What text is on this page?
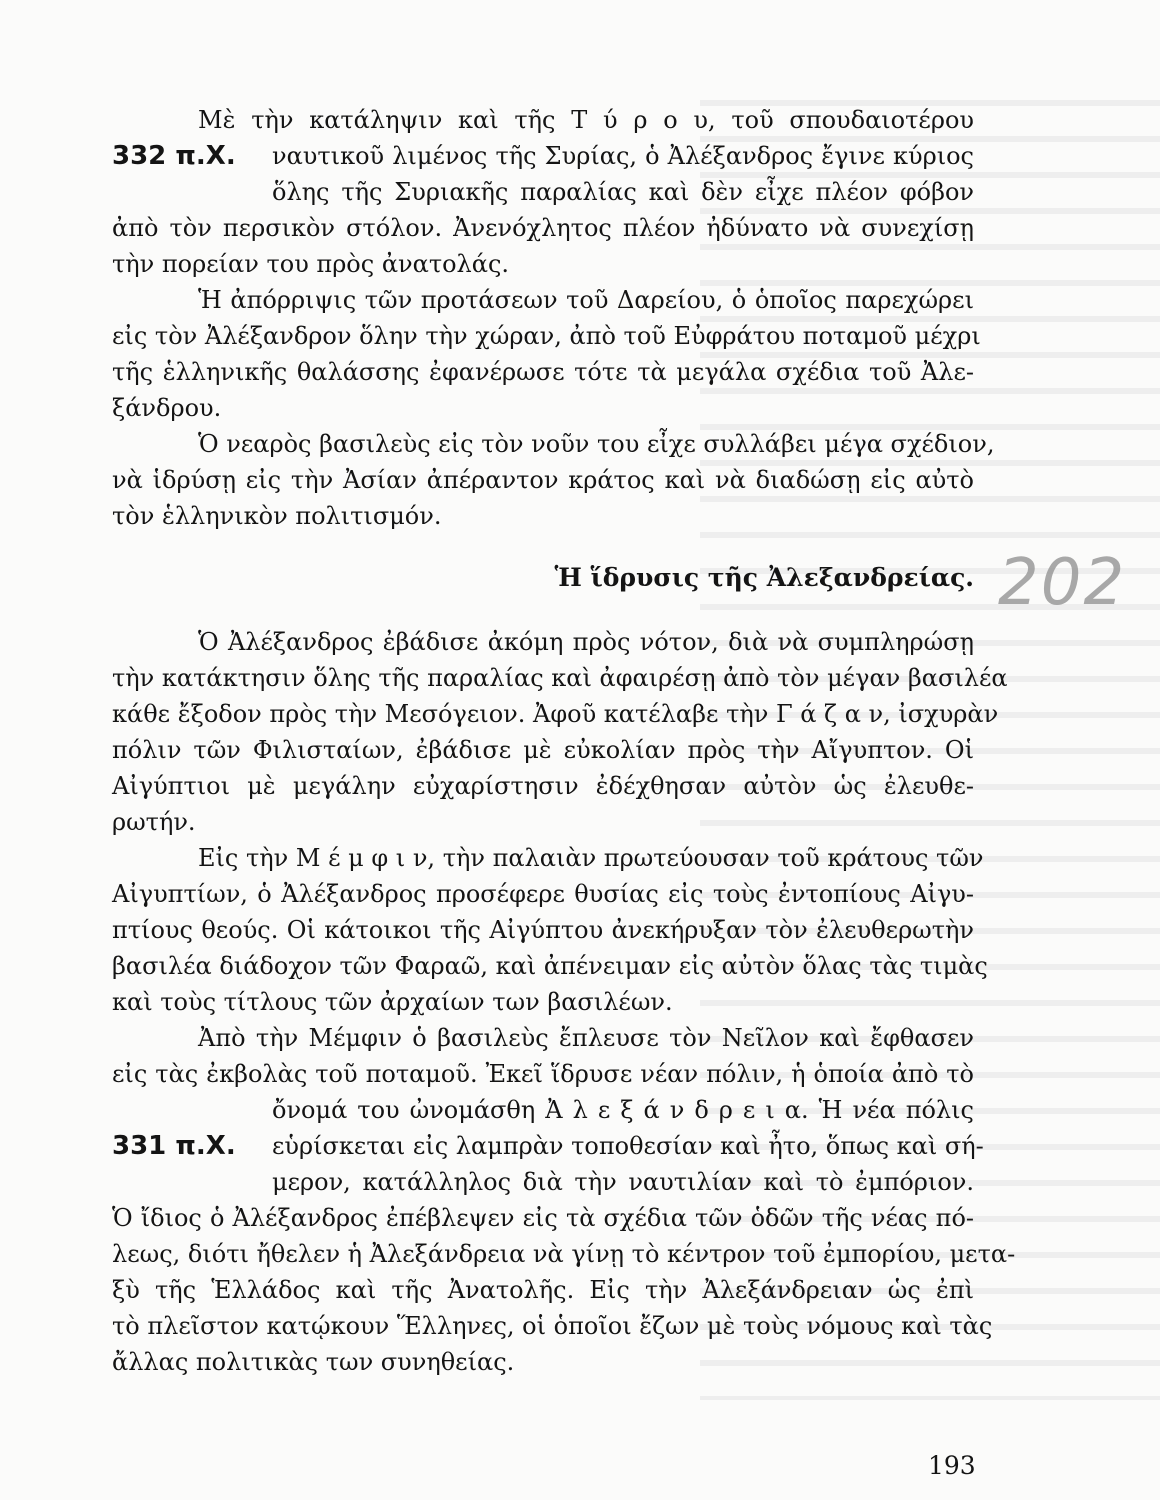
Μὲ τὴν κατάληψιν καὶ τῆς Τ ύ ρ ο υ, τοῦ σπουδαιοτέρου
332 π.Χ. ναυτικοῦ λιμένος τῆς Συρίας, ὁ Ἀλέξανδρος ἔγινε κύριος
ὅλης τῆς Συριακῆς παραλίας καὶ δὲν εἶχε πλέον φόβον
ἀπὸ τὸν περσικὸν στόλον. Ἀνενόχλητος πλέον ἠδύνατο νὰ συνεχίσῃ
τὴν πορείαν του πρὸς ἀνατολάς.
Ἡ ἀπόρριψις τῶν προτάσεων τοῦ Δαρείου, ὁ ὁποῖος παρεχώρει
εἰς τὸν Ἀλέξανδρον ὅλην τὴν χώραν, ἀπὸ τοῦ Εὐφράτου ποταμοῦ μέχρι
τῆς ἑλληνικῆς θαλάσσης ἐφανέρωσε τότε τὰ μεγάλα σχέδια τοῦ Ἀλε-
ξάνδρου.
Ὁ νεαρὸς βασιλεὺς εἰς τὸν νοῦν του εἶχε συλλάβει μέγα σχέδιον,
νὰ ἱδρύσῃ εἰς τὴν Ἀσίαν ἀπέραντον κράτος καὶ νὰ διαδώσῃ εἰς αὐτὸ
τὸν ἑλληνικὸν πολιτισμόν.
Ἡ ἵδρυσις τῆς Ἀλεξανδρείας. 202
Ὁ Ἀλέξανδρος ἐβάδισε ἀκόμη πρὸς νότον, διὰ νὰ συμπληρώσῃ
τὴν κατάκτησιν ὅλης τῆς παραλίας καὶ ἀφαιρέσῃ ἀπὸ τὸν μέγαν βασιλέα
κάθε ἔξοδον πρὸς τὴν Μεσόγειον. Ἀφοῦ κατέλαβε τὴν Γ ά ζ α ν, ἰσχυρὰν
πόλιν τῶν Φιλισταίων, ἐβάδισε μὲ εὐκολίαν πρὸς τὴν Αἴγυπτον. Οἱ
Αἰγύπτιοι μὲ μεγάλην εὐχαρίστησιν ἐδέχθησαν αὐτὸν ὡς ἐλευθε-
ρωτήν.
Εἰς τὴν Μ έ μ φ ι ν, τὴν παλαιὰν πρωτεύουσαν τοῦ κράτους τῶν
Αἰγυπτίων, ὁ Ἀλέξανδρος προσέφερε θυσίας εἰς τοὺς ἐντοπίους Αἰγυ-
πτίους θεούς. Οἱ κάτοικοι τῆς Αἰγύπτου ἀνεκήρυξαν τὸν ἐλευθερωτὴν
βασιλέα διάδοχον τῶν Φαραῶ, καὶ ἀπένειμαν εἰς αὐτὸν ὅλας τὰς τιμὰς
καὶ τοὺς τίτλους τῶν ἀρχαίων των βασιλέων.
Ἀπὸ τὴν Μέμφιν ὁ βασιλεὺς ἔπλευσε τὸν Νεῖλον καὶ ἔφθασεν
εἰς τὰς ἐκβολὰς τοῦ ποταμοῦ. Ἐκεῖ ἵδρυσε νέαν πόλιν, ἡ ὁποία ἀπὸ τὸ
ὄνομά του ὠνομάσθη Ἀ λ ε ξ ά ν δ ρ ε ι α. Ἡ νέα πόλις
331 π.Χ. εὑρίσκεται εἰς λαμπρὰν τοποθεσίαν καὶ ἦτο, ὅπως καὶ σή-
μερον, κατάλληλος διὰ τὴν ναυτιλίαν καὶ τὸ ἐμπόριον.
Ὁ ἴδιος ὁ Ἀλέξανδρος ἐπέβλεψεν εἰς τὰ σχέδια τῶν ὁδῶν τῆς νέας πό-
λεως, διότι ἤθελεν ἡ Ἀλεξάνδρεια νὰ γίνῃ τὸ κέντρον τοῦ ἐμπορίου, μετα-
ξὺ τῆς Ἑλλάδος καὶ τῆς Ἀνατολῆς. Εἰς τὴν Ἀλεξάνδρειαν ὡς ἐπὶ
τὸ πλεῖστον κατῴκουν Ἕλληνες, οἱ ὁποῖοι ἔζων μὲ τοὺς νόμους καὶ τὰς
ἄλλας πολιτικὰς των συνηθείας.
193
